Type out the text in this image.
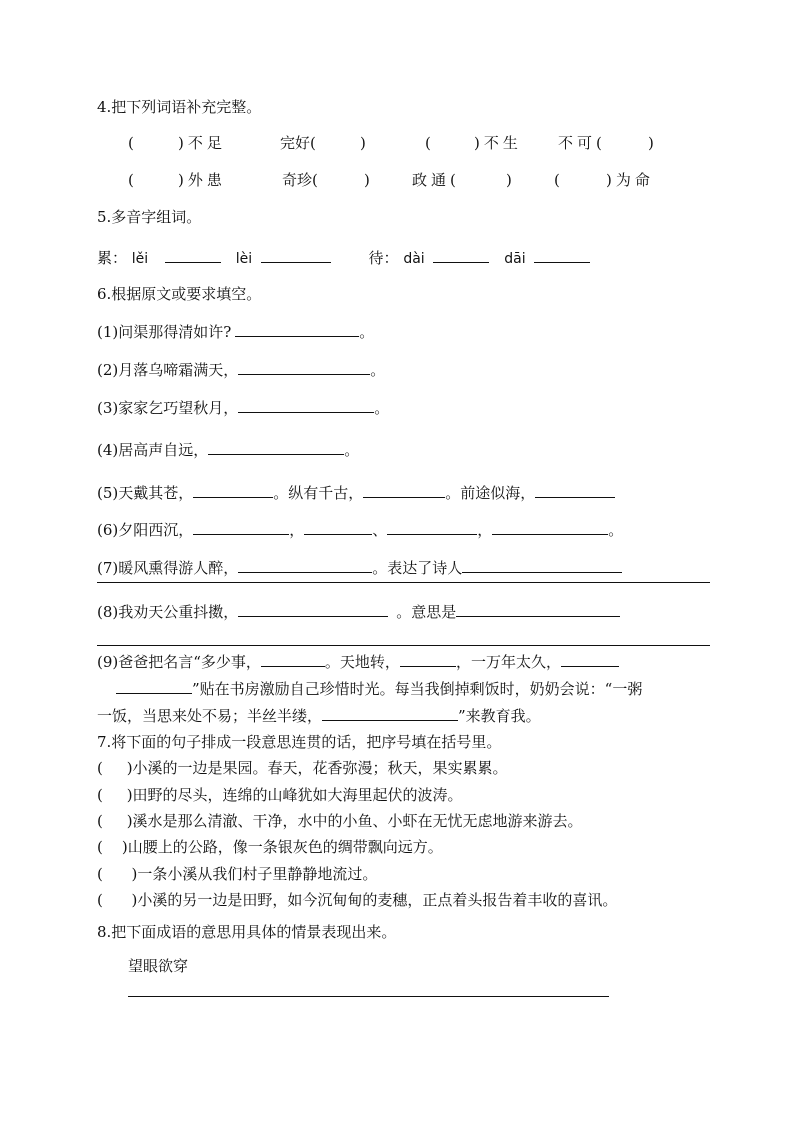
4.把下列词语补充完整。
(	)不足	完好(	)	(	)不生 不可(	)
(	)外患	奇珍(	)	政通(	)	(	)为命
5.多音字组词。
累： lěi	lèi	待： dài	dāi
6.根据原文或要求填空。
(1)问渠那得清如许?	。
(2)月落乌啼霜满天，	。
(3)家家乞巧望秋月，	。
(4)居高声自远，	。
(5)天戴其苍，	。纵有千古，	。前途似海，
(6)夕阳西沉，	，	、	，	。
(7)暖风熏得游人醉，	。表达了诗人
(8)我劝天公重抖擞，	。意思是
(9)爸爸把名言“多少事，	。天地转，	，一万年太久，
”贴在书房激励自己珍惜时光。每当我倒掉剩饭时，奶奶会说：“一粥
一饭，当思来处不易；半丝半缕，	”来教育我。
7.将下面的句子排成一段意思连贯的话，把序号填在括号里。
(     )小溪的一边是果园。春天，花香弥漫；秋天，果实累累。
(     )田野的尽头，连绵的山峰犹如大海里起伏的波涛。
(     )溪水是那么清澈、干净，水中的小鱼、小虾在无忧无虑地游来游去。
(    )山腰上的公路，像一条银灰色的绸带飘向远方。
(      )一条小溪从我们村子里静静地流过。
(      )小溪的另一边是田野，如今沉甸甸的麦穗，正点着头报告着丰收的喜讯。
8.把下面成语的意思用具体的情景表现出来。
望眼欲穿
